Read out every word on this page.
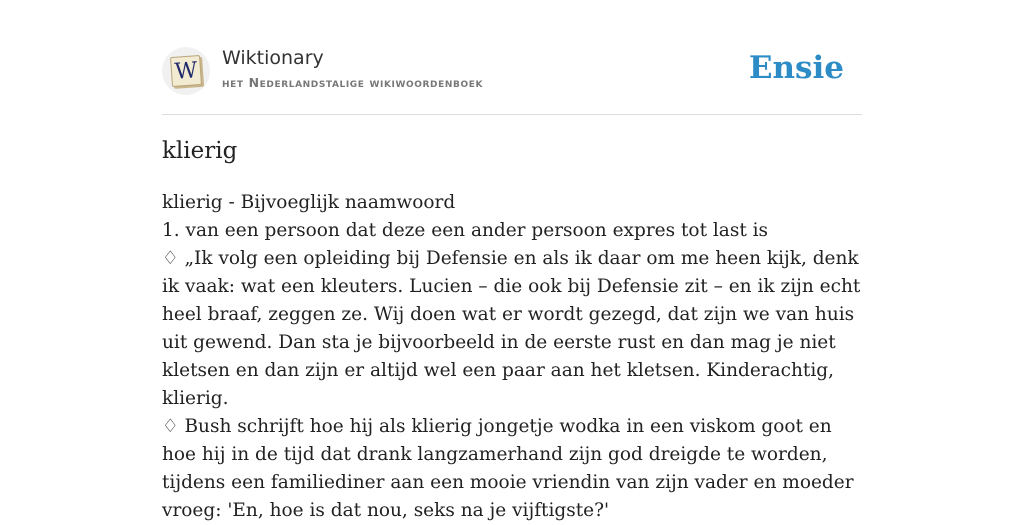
W
Wiktionary
het Nederlandstalige wikiwoordenboek	Ensie
klierig
klierig - Bijvoeglijk naamwoord
1. van een persoon dat deze een ander persoon expres tot last is
♢ „Ik volg een opleiding bij Defensie en als ik daar om me heen kijk, denk ik vaak: wat een kleuters. Lucien – die ook bij Defensie zit – en ik zijn echt heel braaf, zeggen ze. Wij doen wat er wordt gezegd, dat zijn we van huis uit gewend. Dan sta je bijvoorbeeld in de eerste rust en dan mag je niet kletsen en dan zijn er altijd wel een paar aan het kletsen. Kinderachtig, klierig.
♢ Bush schrijft hoe hij als klierig jongetje wodka in een viskom goot en hoe hij in de tijd dat drank langzamerhand zijn god dreigde te worden, tijdens een familiediner aan een mooie vriendin van zijn vader en moeder vroeg: 'En, hoe is dat nou, seks na je vijftigste?'
